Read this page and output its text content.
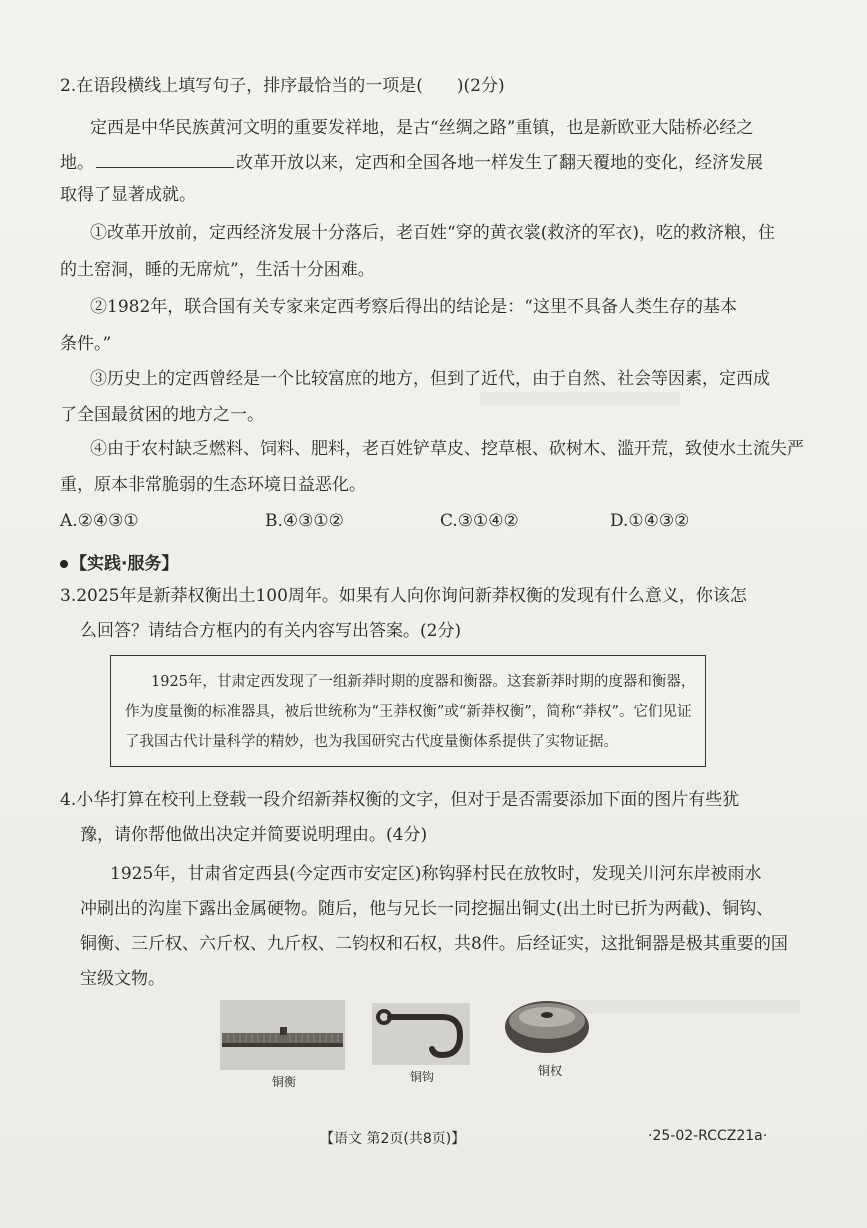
2.在语段横线上填写句子，排序最恰当的一项是( )(2分)
定西是中华民族黄河文明的重要发祥地，是古“丝绸之路”重镇，也是新欧亚大陆桥必经之
地。	改革开放以来，定西和全国各地一样发生了翻天覆地的变化，经济发展
取得了显著成就。
①改革开放前，定西经济发展十分落后，老百姓“穿的黄衣裳(救济的军衣)，吃的救济粮，住
的土窑洞，睡的无席炕”，生活十分困难。
②1982年，联合国有关专家来定西考察后得出的结论是：“这里不具备人类生存的基本
条件。”
③历史上的定西曾经是一个比较富庶的地方，但到了近代，由于自然、社会等因素，定西成
了全国最贫困的地方之一。
④由于农村缺乏燃料、饲料、肥料，老百姓铲草皮、挖草根、砍树木、滥开荒，致使水土流失严
重，原本非常脆弱的生态环境日益恶化。
A.②④③①	B.④③①②	C.③①④②	D.①④③②
【实践·服务】
3.2025年是新莽权衡出土100周年。如果有人向你询问新莽权衡的发现有什么意义，你该怎
么回答？请结合方框内的有关内容写出答案。(2分)
1925年，甘肃定西发现了一组新莽时期的度器和衡器。这套新莽时期的度器和衡器，
作为度量衡的标准器具，被后世统称为“王莽权衡”或“新莽权衡”，简称“莽权”。它们见证
了我国古代计量科学的精妙，也为我国研究古代度量衡体系提供了实物证据。
4.小华打算在校刊上登载一段介绍新莽权衡的文字，但对于是否需要添加下面的图片有些犹
豫，请你帮他做出决定并简要说明理由。(4分)
1925年，甘肃省定西县(今定西市安定区)称钩驿村民在放牧时，发现关川河东岸被雨水
冲刷出的沟崖下露出金属硬物。随后，他与兄长一同挖掘出铜丈(出土时已折为两截)、铜钩、
铜衡、三斤权、六斤权、九斤权、二钧权和石权，共8件。后经证实，这批铜器是极其重要的国
宝级文物。
铜衡	铜钩	铜权
【语文 第2页(共8页)】	·25-02-RCCZ21a·
